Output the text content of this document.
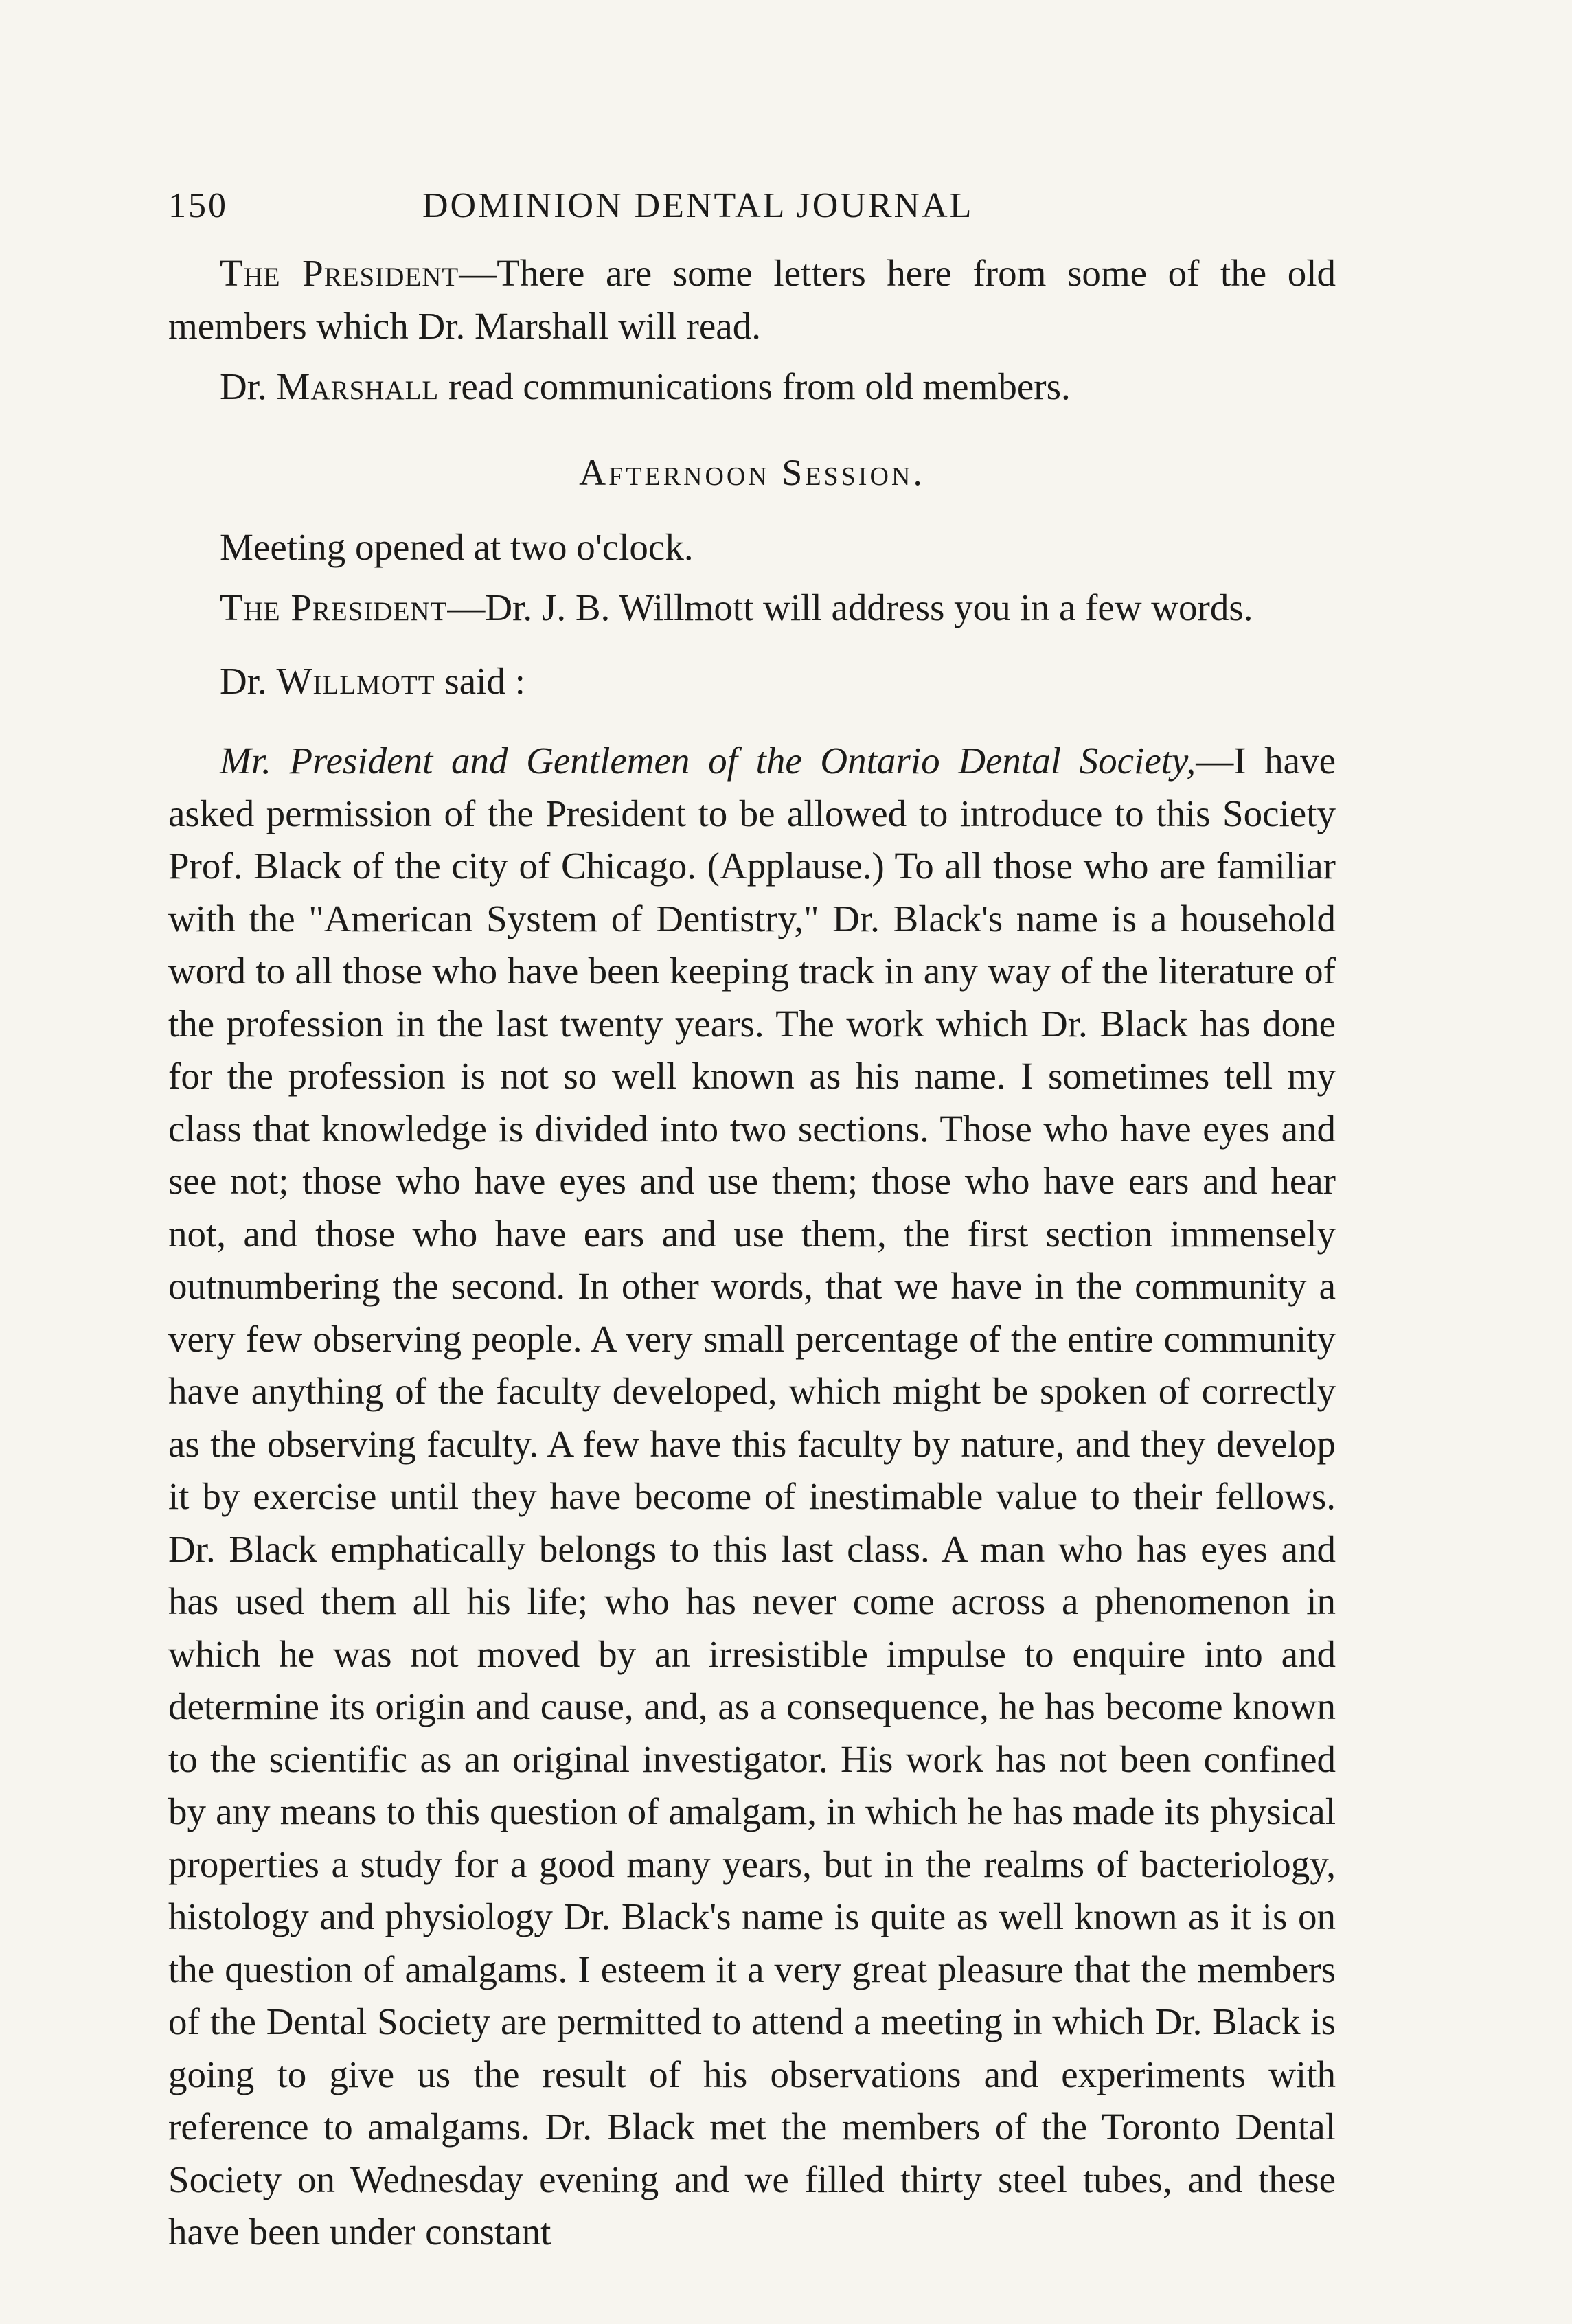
150	DOMINION DENTAL JOURNAL

The President—There are some letters here from some of the old members which Dr. Marshall will read.

Dr. Marshall read communications from old members.

Afternoon Session.

Meeting opened at two o'clock.

The President—Dr. J. B. Willmott will address you in a few words.

Dr. Willmott said :

Mr. President and Gentlemen of the Ontario Dental Society,—I have asked permission of the President to be allowed to introduce to this Society Prof. Black of the city of Chicago. (Applause.) To all those who are familiar with the "American System of Dentistry," Dr. Black's name is a household word to all those who have been keeping track in any way of the literature of the profession in the last twenty years. The work which Dr. Black has done for the profession is not so well known as his name. I sometimes tell my class that knowledge is divided into two sections. Those who have eyes and see not; those who have eyes and use them; those who have ears and hear not, and those who have ears and use them, the first section immensely outnumbering the second. In other words, that we have in the community a very few observing people. A very small percentage of the entire community have anything of the faculty developed, which might be spoken of correctly as the observing faculty. A few have this faculty by nature, and they develop it by exercise until they have become of inestimable value to their fellows. Dr. Black emphatically belongs to this last class. A man who has eyes and has used them all his life; who has never come across a phenomenon in which he was not moved by an irresistible impulse to enquire into and determine its origin and cause, and, as a consequence, he has become known to the scientific as an original investigator. His work has not been confined by any means to this question of amalgam, in which he has made its physical properties a study for a good many years, but in the realms of bacteriology, histology and physiology Dr. Black's name is quite as well known as it is on the question of amalgams. I esteem it a very great pleasure that the members of the Dental Society are permitted to attend a meeting in which Dr. Black is going to give us the result of his observations and experiments with reference to amalgams. Dr. Black met the members of the Toronto Dental Society on Wednesday evening and we filled thirty steel tubes, and these have been under constant
